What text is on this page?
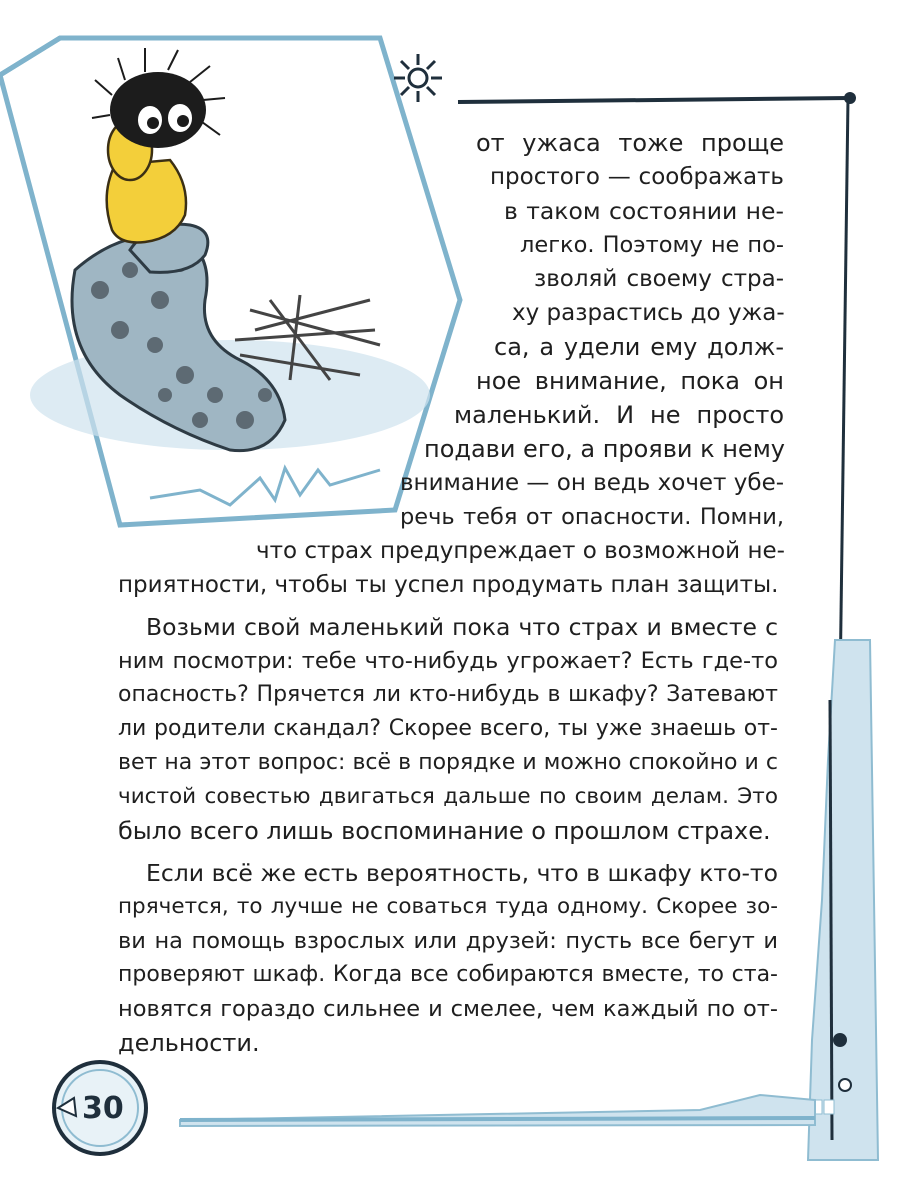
от ужаса тоже проще

простого — соображать

в таком состоянии не-

легко. Поэтому не по-

зволяй своему стра-

ху разрастись до ужа-

са, а удели ему долж-

ное внимание, пока он

маленький. И не просто

подави его, а прояви к нему

внимание — он ведь хочет убе-

речь тебя от опасности. Помни,

что страх предупреждает о возможной не-

приятности, чтобы ты успел продумать план защиты.

Возьми свой маленький пока что страх и вместе с

ним посмотри: тебе что-нибудь угрожает? Есть где-то

опасность? Прячется ли кто-нибудь в шкафу? Затевают

ли родители скандал? Скорее всего, ты уже знаешь от-

вет на этот вопрос: всё в порядке и можно спокойно и с

чистой совестью двигаться дальше по своим делам. Это

было всего лишь воспоминание о прошлом страхе.

Если всё же есть вероятность, что в шкафу кто-то

прячется, то лучше не соваться туда одному. Скорее зо-

ви на помощь взрослых или друзей: пусть все бегут и

проверяют шкаф. Когда все собираются вместе, то ста-

новятся гораздо сильнее и смелее, чем каждый по от-

дельности.

30
